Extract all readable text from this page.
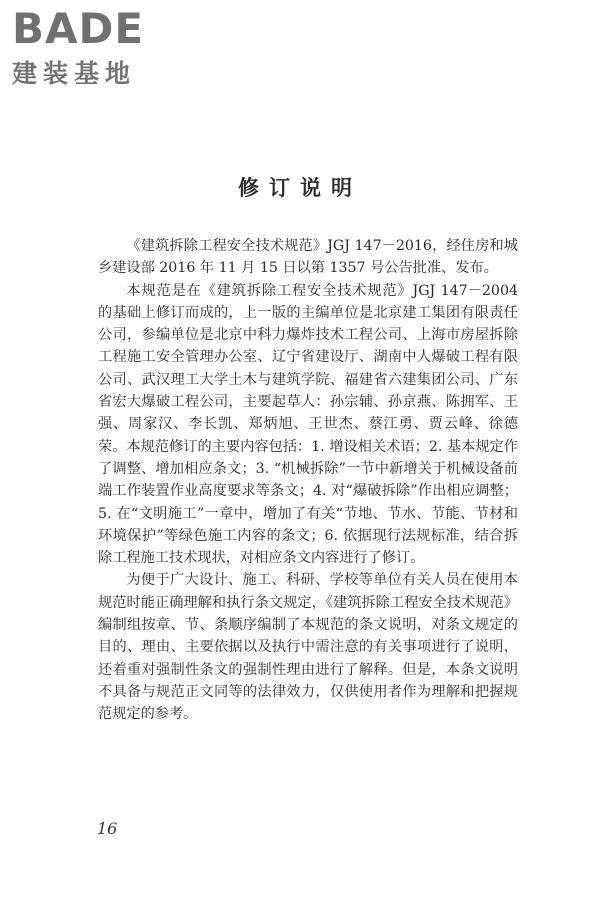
BADE
建装基地
修订说明

《建筑拆除工程安全技术规范》JGJ 147－2016，经住房和城乡建设部 2016 年 11 月 15 日以第 1357 号公告批准、发布。

本规范是在《建筑拆除工程安全技术规范》JGJ 147－2004 的基础上修订而成的，上一版的主编单位是北京建工集团有限责任公司，参编单位是北京中科力爆炸技术工程公司、上海市房屋拆除工程施工安全管理办公室、辽宁省建设厅、湖南中人爆破工程有限公司、武汉理工大学土木与建筑学院、福建省六建集团公司、广东省宏大爆破工程公司，主要起草人：孙宗辅、孙京燕、陈拥军、王强、周家汉、李长凯、郑炳旭、王世杰、蔡江勇、贾云峰、徐德荣。本规范修订的主要内容包括：1. 增设相关术语；2. 基本规定作了调整、增加相应条文；3. “机械拆除”一节中新增关于机械设备前端工作装置作业高度要求等条文；4. 对“爆破拆除”作出相应调整；5. 在“文明施工”一章中，增加了有关“节地、节水、节能、节材和环境保护”等绿色施工内容的条文；6. 依据现行法规标准，结合拆除工程施工技术现状，对相应条文内容进行了修订。

为便于广大设计、施工、科研、学校等单位有关人员在使用本规范时能正确理解和执行条文规定，《建筑拆除工程安全技术规范》编制组按章、节、条顺序编制了本规范的条文说明，对条文规定的目的、理由、主要依据以及执行中需注意的有关事项进行了说明，还着重对强制性条文的强制性理由进行了解释。但是，本条文说明不具备与规范正文同等的法律效力，仅供使用者作为理解和把握规范规定的参考。

16
